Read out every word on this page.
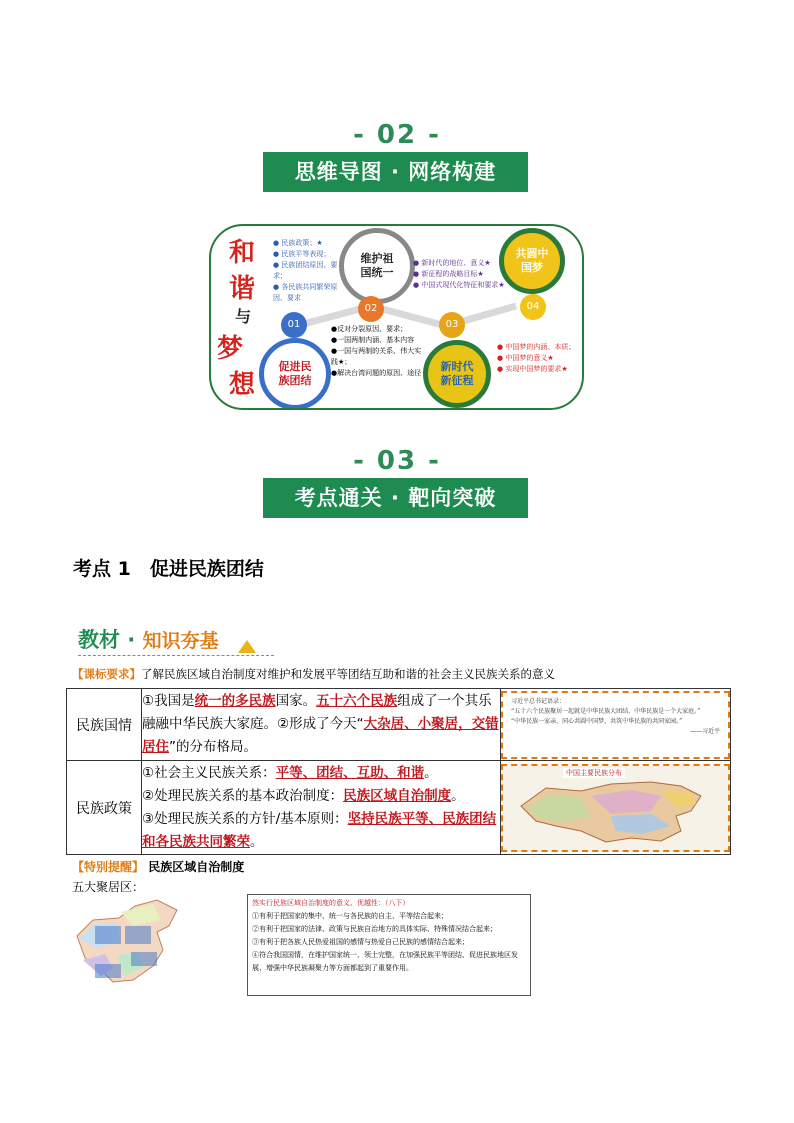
- 02 -
思维导图 · 网络构建
和
谐
与
梦
想
● 民族政策；★
● 民族平等表现；
● 民族团结原因、要求；
● 各民族共同繁荣原因、要求
维护祖国统一
02
01
促进民族团结
● 新时代的地位、意义★
● 新征程的战略目标★
● 中国式现代化特征和要求★
●反对分裂原因、要求；
●一国两制内涵、基本内容
●一国与两制的关系、伟大实践★；
●解决台湾问题的原因、途径
03
新时代新征程
共圆中国梦
04
● 中国梦的内涵、本质；
● 中国梦的意义★
● 实现中国梦的要求★
- 03 -
考点通关 · 靶向突破
考点 1　促进民族团结
教材 · 知识夯基
【课标要求】了解民族区域自治制度对维护和发展平等团结互助和谐的社会主义民族关系的意义
民族国情	①我国是统一的多民族国家。五十六个民族组成了一个其乐融融中华民族大家庭。②形成了今天“大杂居、小聚居，交错居住”的分布格局。	习近平总书记语录：
“五十六个民族聚居一起就是中华民族大团结，中华民族是一个大家庭。”
“中华民族一家亲，同心共圆中国梦，共筑中华民族的共同家园。”
——习近平

民族政策	①社会主义民族关系：平等、团结、互助、和谐。
②处理民族关系的基本政治制度：民族区域自治制度。
③处理民族关系的方针/基本原则：坚持民族平等、民族团结和各民族共同繁荣。	中国主要民族分布
【特别提醒】 民族区域自治制度
五大聚居区：
然实行民族区域自治制度的意义、优越性：（八下）
①有利于把国家的集中、统一与各民族的自主、平等结合起来；
②有利于把国家的法律、政策与民族自治地方的具体实际、特殊情况结合起来；
③有利于把各族人民热爱祖国的感情与热爱自己民族的感情结合起来；
④符合我国国情，在维护国家统一、领土完整，在加强民族平等团结、促进民族地区发展、增强中华民族凝聚力等方面都起到了重要作用。
